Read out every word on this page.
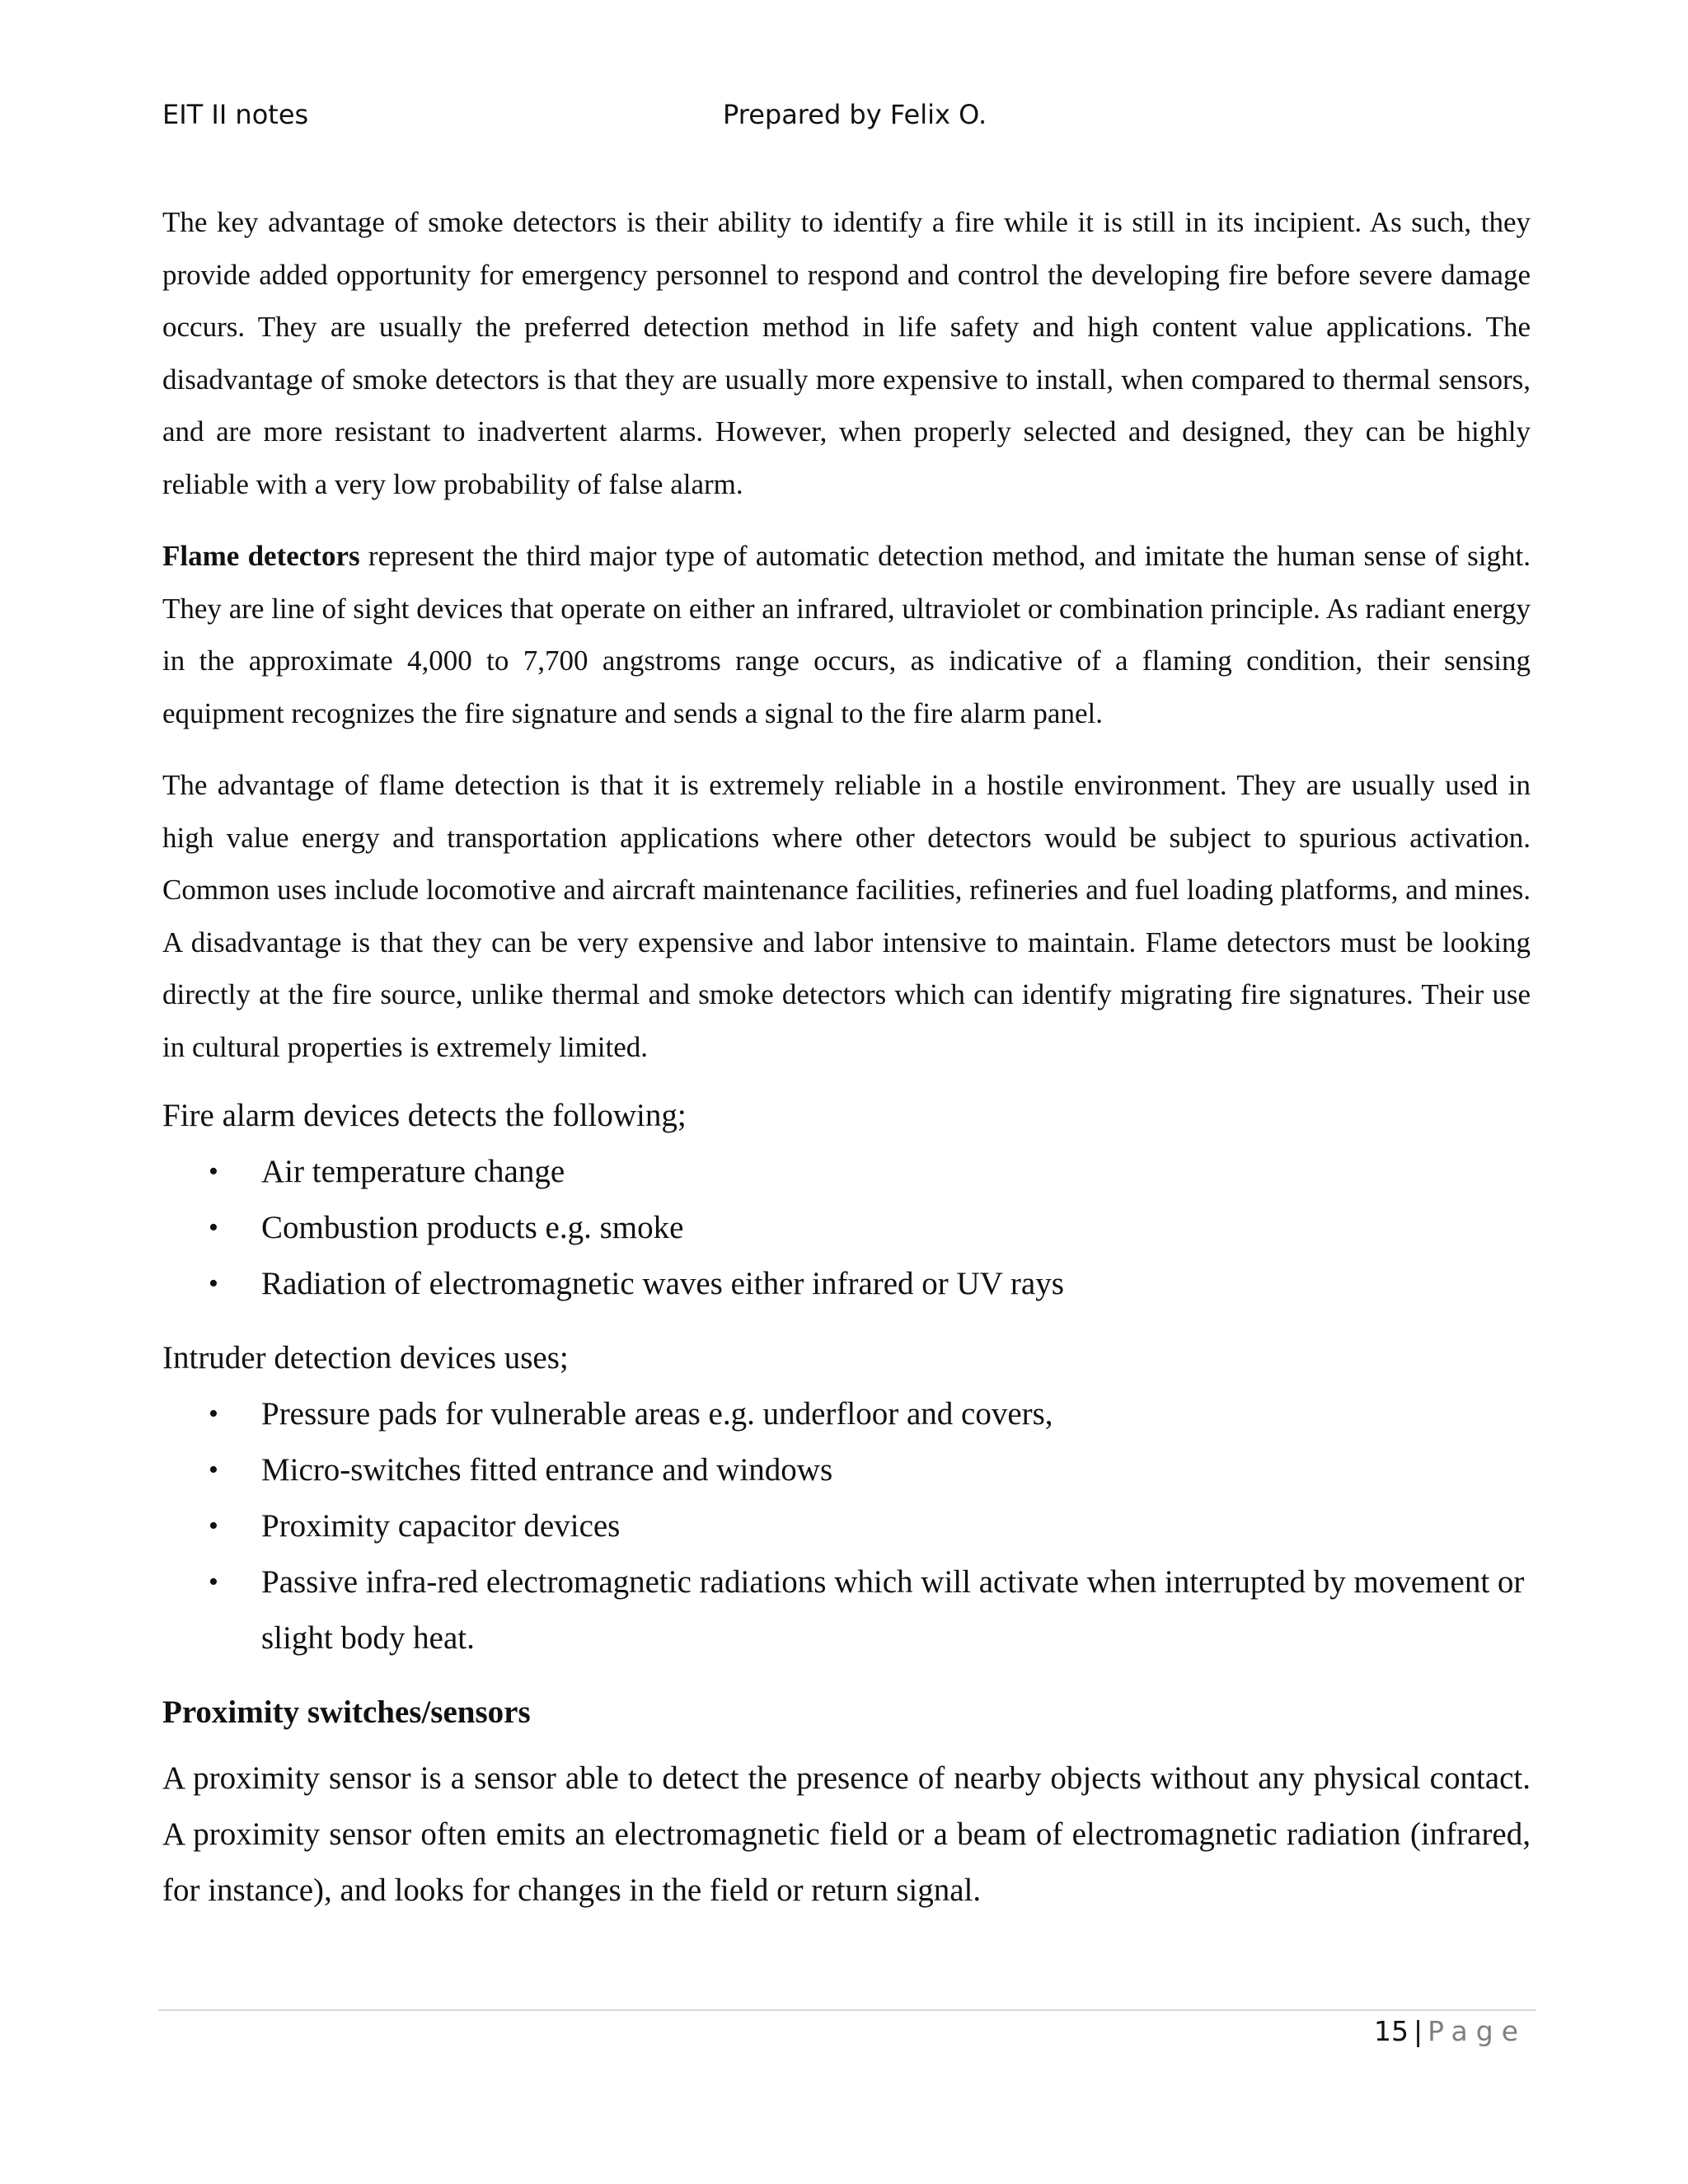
EIT II notes	Prepared by Felix O.

The key advantage of smoke detectors is their ability to identify a fire while it is still in its incipient. As such, they provide added opportunity for emergency personnel to respond and control the developing fire before severe damage occurs. They are usually the preferred detection method in life safety and high content value applications. The disadvantage of smoke detectors is that they are usually more expensive to install, when compared to thermal sensors, and are more resistant to inadvertent alarms. However, when properly selected and designed, they can be highly reliable with a very low probability of false alarm.

Flame detectors represent the third major type of automatic detection method, and imitate the human sense of sight. They are line of sight devices that operate on either an infrared, ultraviolet or combination principle. As radiant energy in the approximate 4,000 to 7,700 angstroms range occurs, as indicative of a flaming condition, their sensing equipment recognizes the fire signature and sends a signal to the fire alarm panel.

The advantage of flame detection is that it is extremely reliable in a hostile environment. They are usually used in high value energy and transportation applications where other detectors would be subject to spurious activation. Common uses include locomotive and aircraft maintenance facilities, refineries and fuel loading platforms, and mines. A disadvantage is that they can be very expensive and labor intensive to maintain. Flame detectors must be looking directly at the fire source, unlike thermal and smoke detectors which can identify migrating fire signatures. Their use in cultural properties is extremely limited.

Fire alarm devices detects the following;
• Air temperature change
• Combustion products e.g. smoke
• Radiation of electromagnetic waves either infrared or UV rays
Intruder detection devices uses;
• Pressure pads for vulnerable areas e.g. underfloor and covers,
• Micro-switches fitted entrance and windows
• Proximity capacitor devices
• Passive infra-red electromagnetic radiations which will activate when interrupted by movement or slight body heat.
Proximity switches/sensors

A proximity sensor is a sensor able to detect the presence of nearby objects without any physical contact. A proximity sensor often emits an electromagnetic field or a beam of electromagnetic radiation (infrared, for instance), and looks for changes in the field or return signal.

15 | Page
